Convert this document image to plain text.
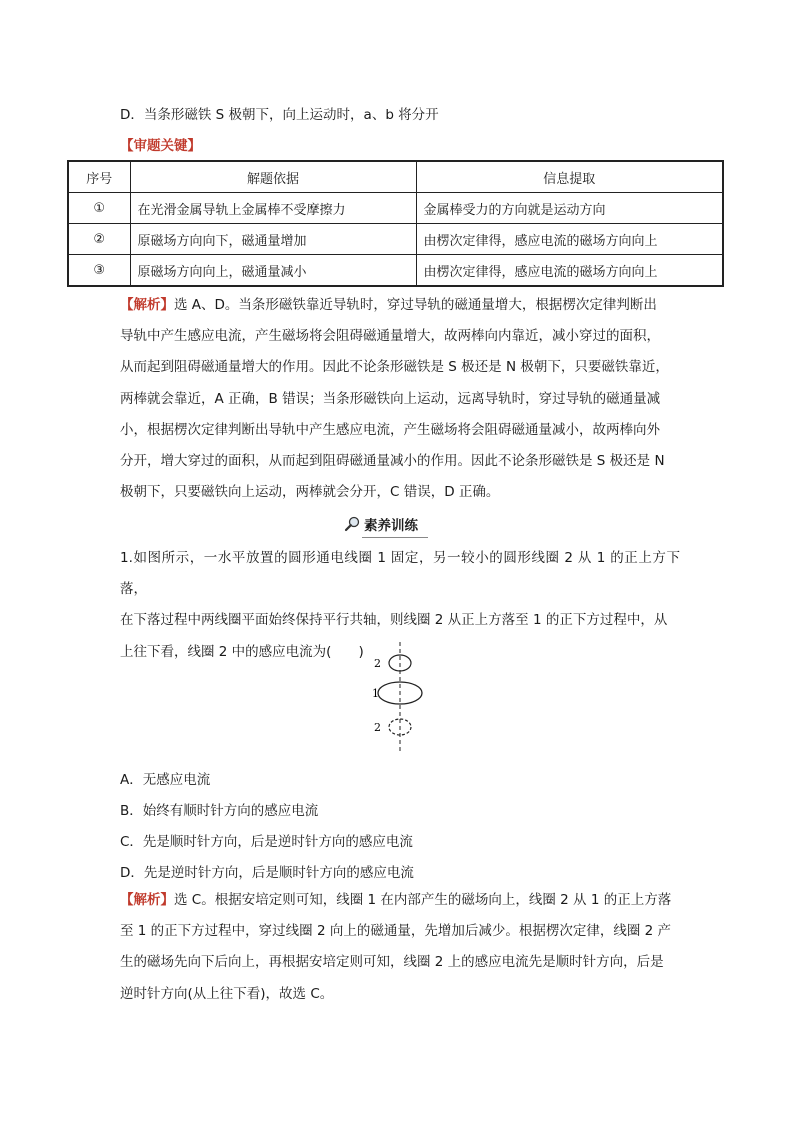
D．当条形磁铁 S 极朝下，向上运动时，a、b 将分开
【审题关键】
序号	解题依据	信息提取
①	在光滑金属导轨上金属棒不受摩擦力	金属棒受力的方向就是运动方向
②	原磁场方向向下，磁通量增加	由楞次定律得，感应电流的磁场方向向上
③	原磁场方向向上，磁通量减小	由楞次定律得，感应电流的磁场方向向上
【解析】选 A、D。当条形磁铁靠近导轨时，穿过导轨的磁通量增大，根据楞次定律判断出
导轨中产生感应电流，产生磁场将会阻碍磁通量增大，故两棒向内靠近，减小穿过的面积，
从而起到阻碍磁通量增大的作用。因此不论条形磁铁是 S 极还是 N 极朝下，只要磁铁靠近，
两棒就会靠近，A 正确，B 错误；当条形磁铁向上运动，远离导轨时，穿过导轨的磁通量减
小，根据楞次定律判断出导轨中产生感应电流，产生磁场将会阻碍磁通量减小，故两棒向外
分开，增大穿过的面积，从而起到阻碍磁通量减小的作用。因此不论条形磁铁是 S 极还是 N
极朝下，只要磁铁向上运动，两棒就会分开，C 错误，D 正确。
素养训练
1.如图所示，一水平放置的圆形通电线圈 1 固定，另一较小的圆形线圈 2 从 1 的正上方下落，
在下落过程中两线圈平面始终保持平行共轴，则线圈 2 从正上方落至 1 的正下方过程中，从
上往下看，线圈 2 中的感应电流为(　　)
2
1
2
A．无感应电流
B．始终有顺时针方向的感应电流
C．先是顺时针方向，后是逆时针方向的感应电流
D．先是逆时针方向，后是顺时针方向的感应电流
【解析】选 C。根据安培定则可知，线圈 1 在内部产生的磁场向上，线圈 2 从 1 的正上方落
至 1 的正下方过程中，穿过线圈 2 向上的磁通量，先增加后减少。根据楞次定律，线圈 2 产
生的磁场先向下后向上，再根据安培定则可知，线圈 2 上的感应电流先是顺时针方向，后是
逆时针方向(从上往下看)，故选 C。
